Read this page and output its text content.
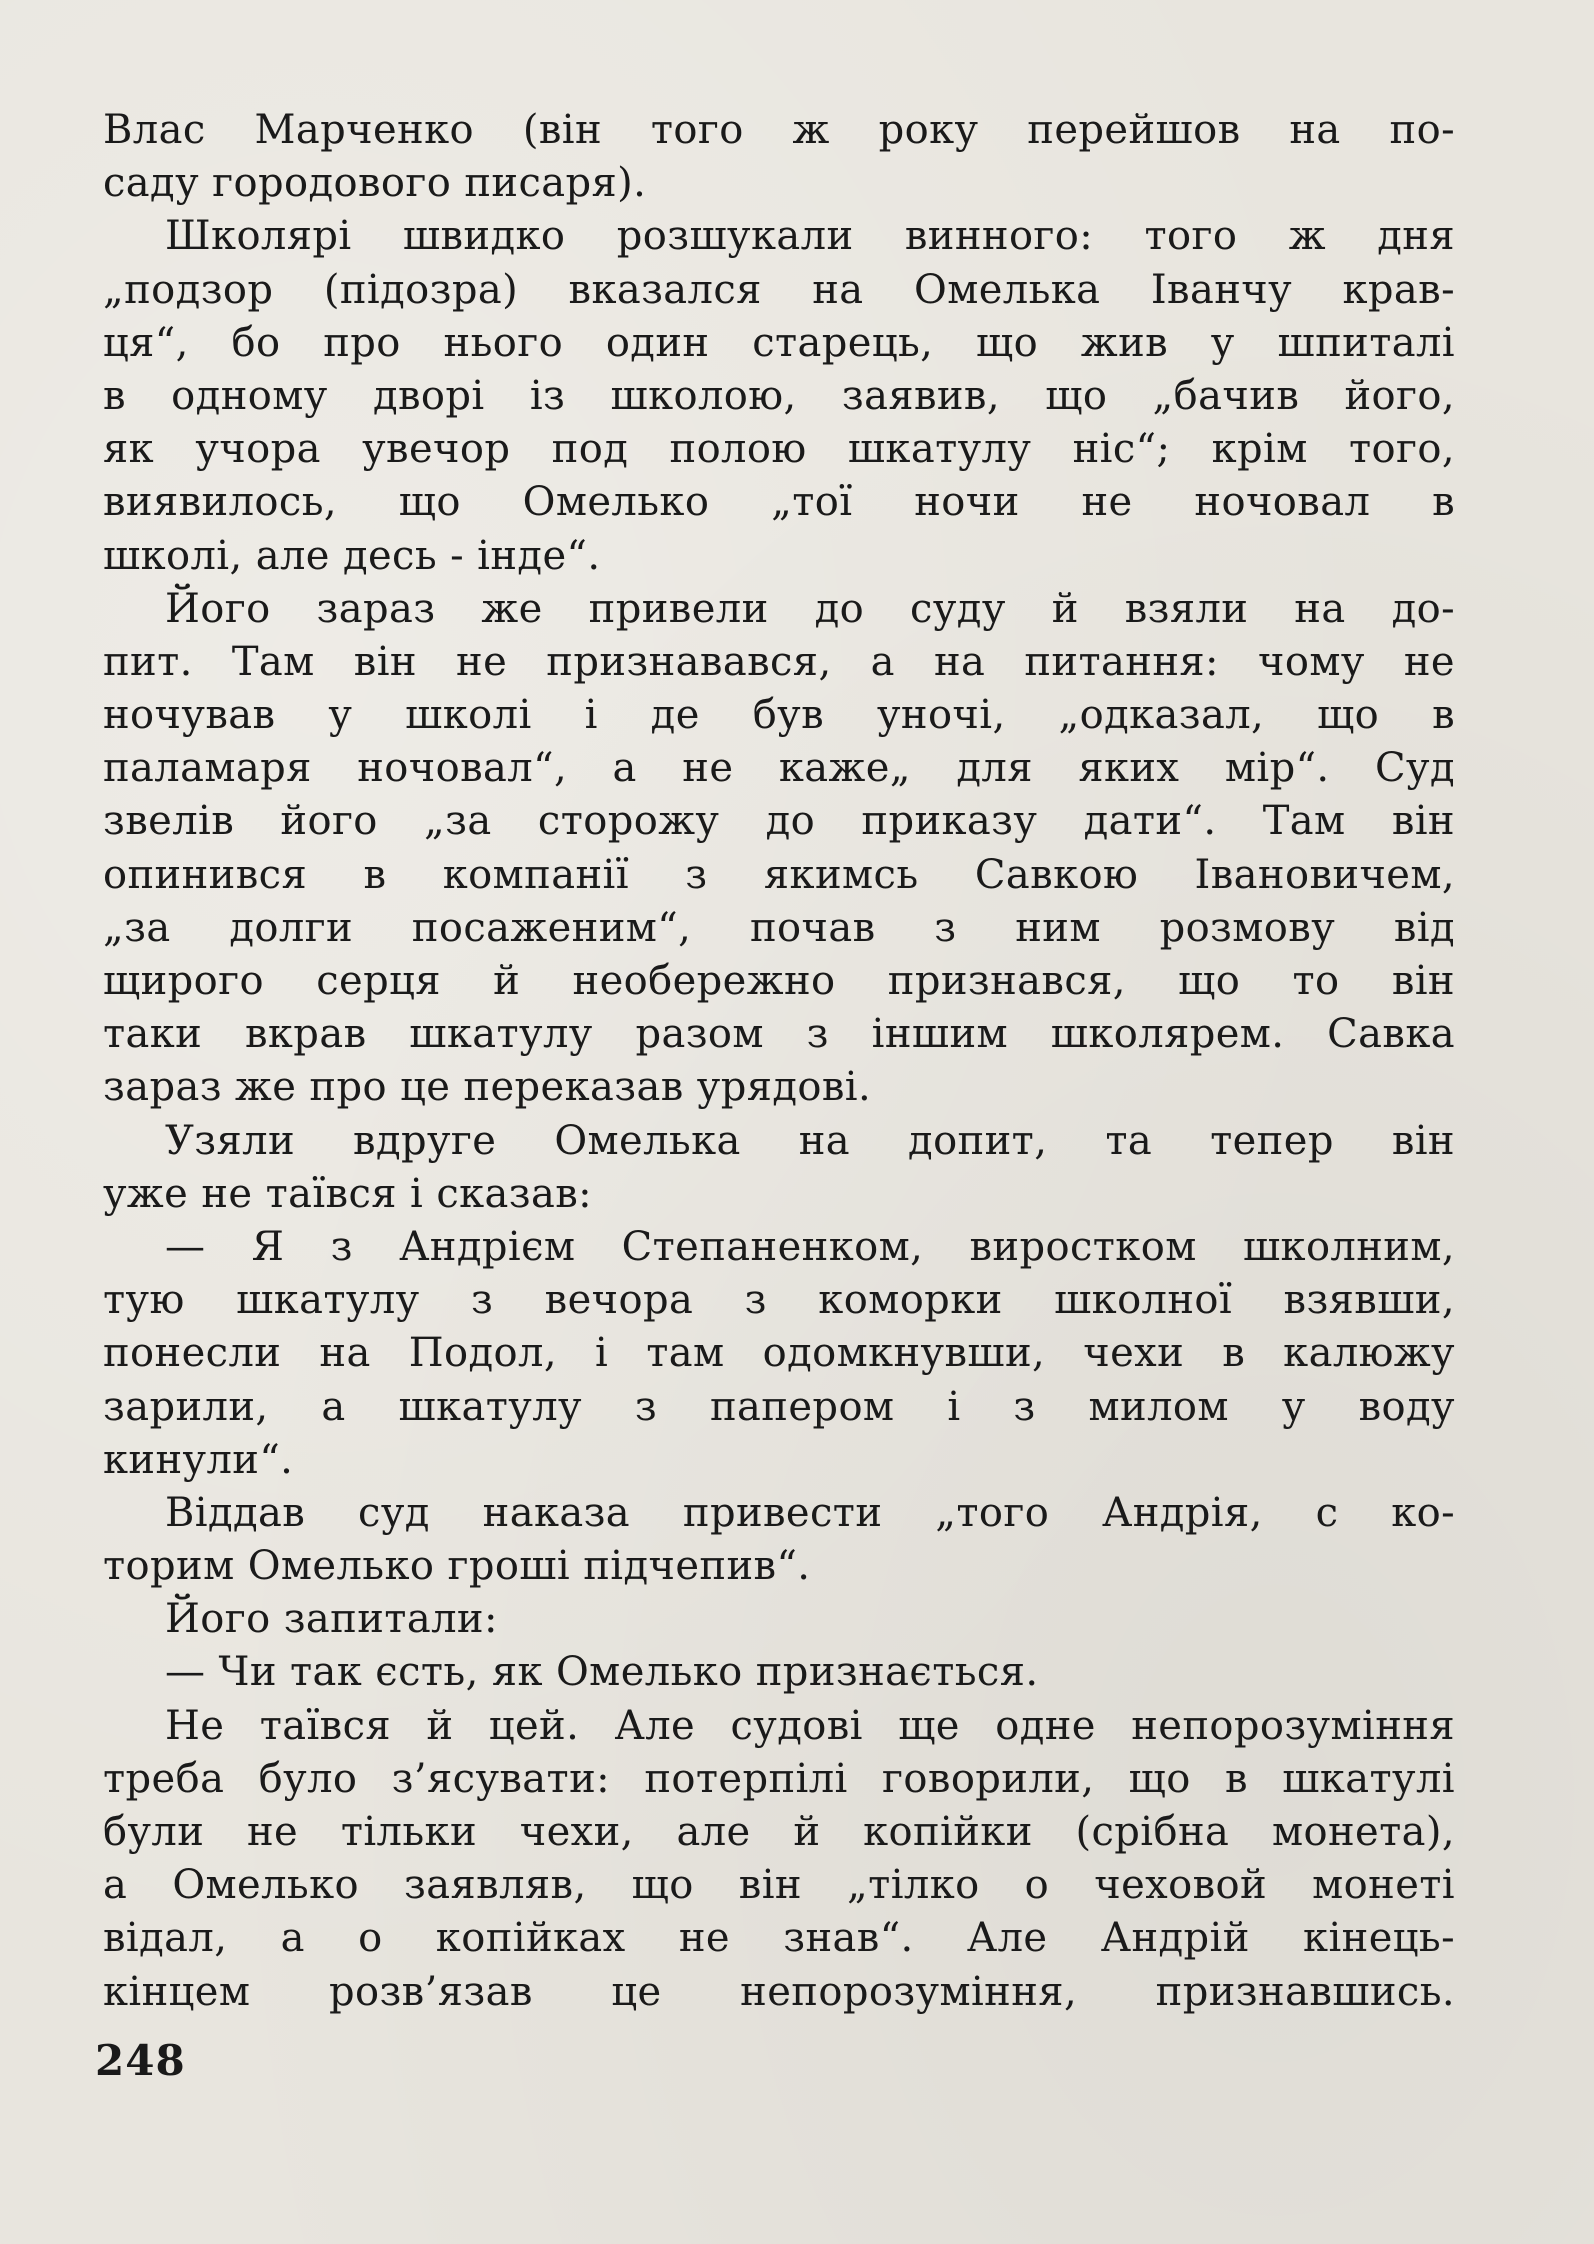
Влас Марченко (він того ж року перейшов на по-
саду городового писаря).
Школярі швидко розшукали винного: того ж дня
„подзор (підозра) вказался на Омелька Іванчу крав-
ця“, бо про нього один старець, що жив у шпиталі
в одному дворі із школою, заявив, що „бачив його,
як учора увечор под полою шкатулу ніс“; крім того,
виявилось, що Омелько „тої ночи не ночовал в
школі, але десь - інде“.
Його зараз же привели до суду й взяли на до-
пит. Там він не признавався, а на питання: чому не
ночував у школі і де був уночі, „одказал, що в
паламаря ночовал“, а не каже„ для яких мір“. Суд
звелів його „за сторожу до приказу дати“. Там він
опинився в компанії з якимсь Савкою Івановичем,
„за долги посаженим“, почав з ним розмову від
щирого серця й необережно признався, що то він
таки вкрав шкатулу разом з іншим школярем. Савка
зараз же про це переказав урядові.
Узяли вдруге Омелька на допит, та тепер він
уже не таївся і сказав:
— Я з Андрієм Степаненком, виростком школним,
тую шкатулу з вечора з коморки школної взявши,
понесли на Подол, і там одомкнувши, чехи в калюжу
зарили, а шкатулу з папером і з милом у воду
кинули“.
Віддав суд наказа привести „того Андрія, с ко-
торим Омелько гроші підчепив“.
Його запитали:
— Чи так єсть, як Омелько признається.
Не таївся й цей. Але судові ще одне непорозуміння
треба було з’ясувати: потерпілі говорили, що в шкатулі
були не тільки чехи, але й копійки (срібна монета),
а Омелько заявляв, що він „тілко о чеховой монеті
відал, а о копійках не знав“. Але Андрій кінець-
кінцем розв’язав це непорозуміння, признавшись.
248
